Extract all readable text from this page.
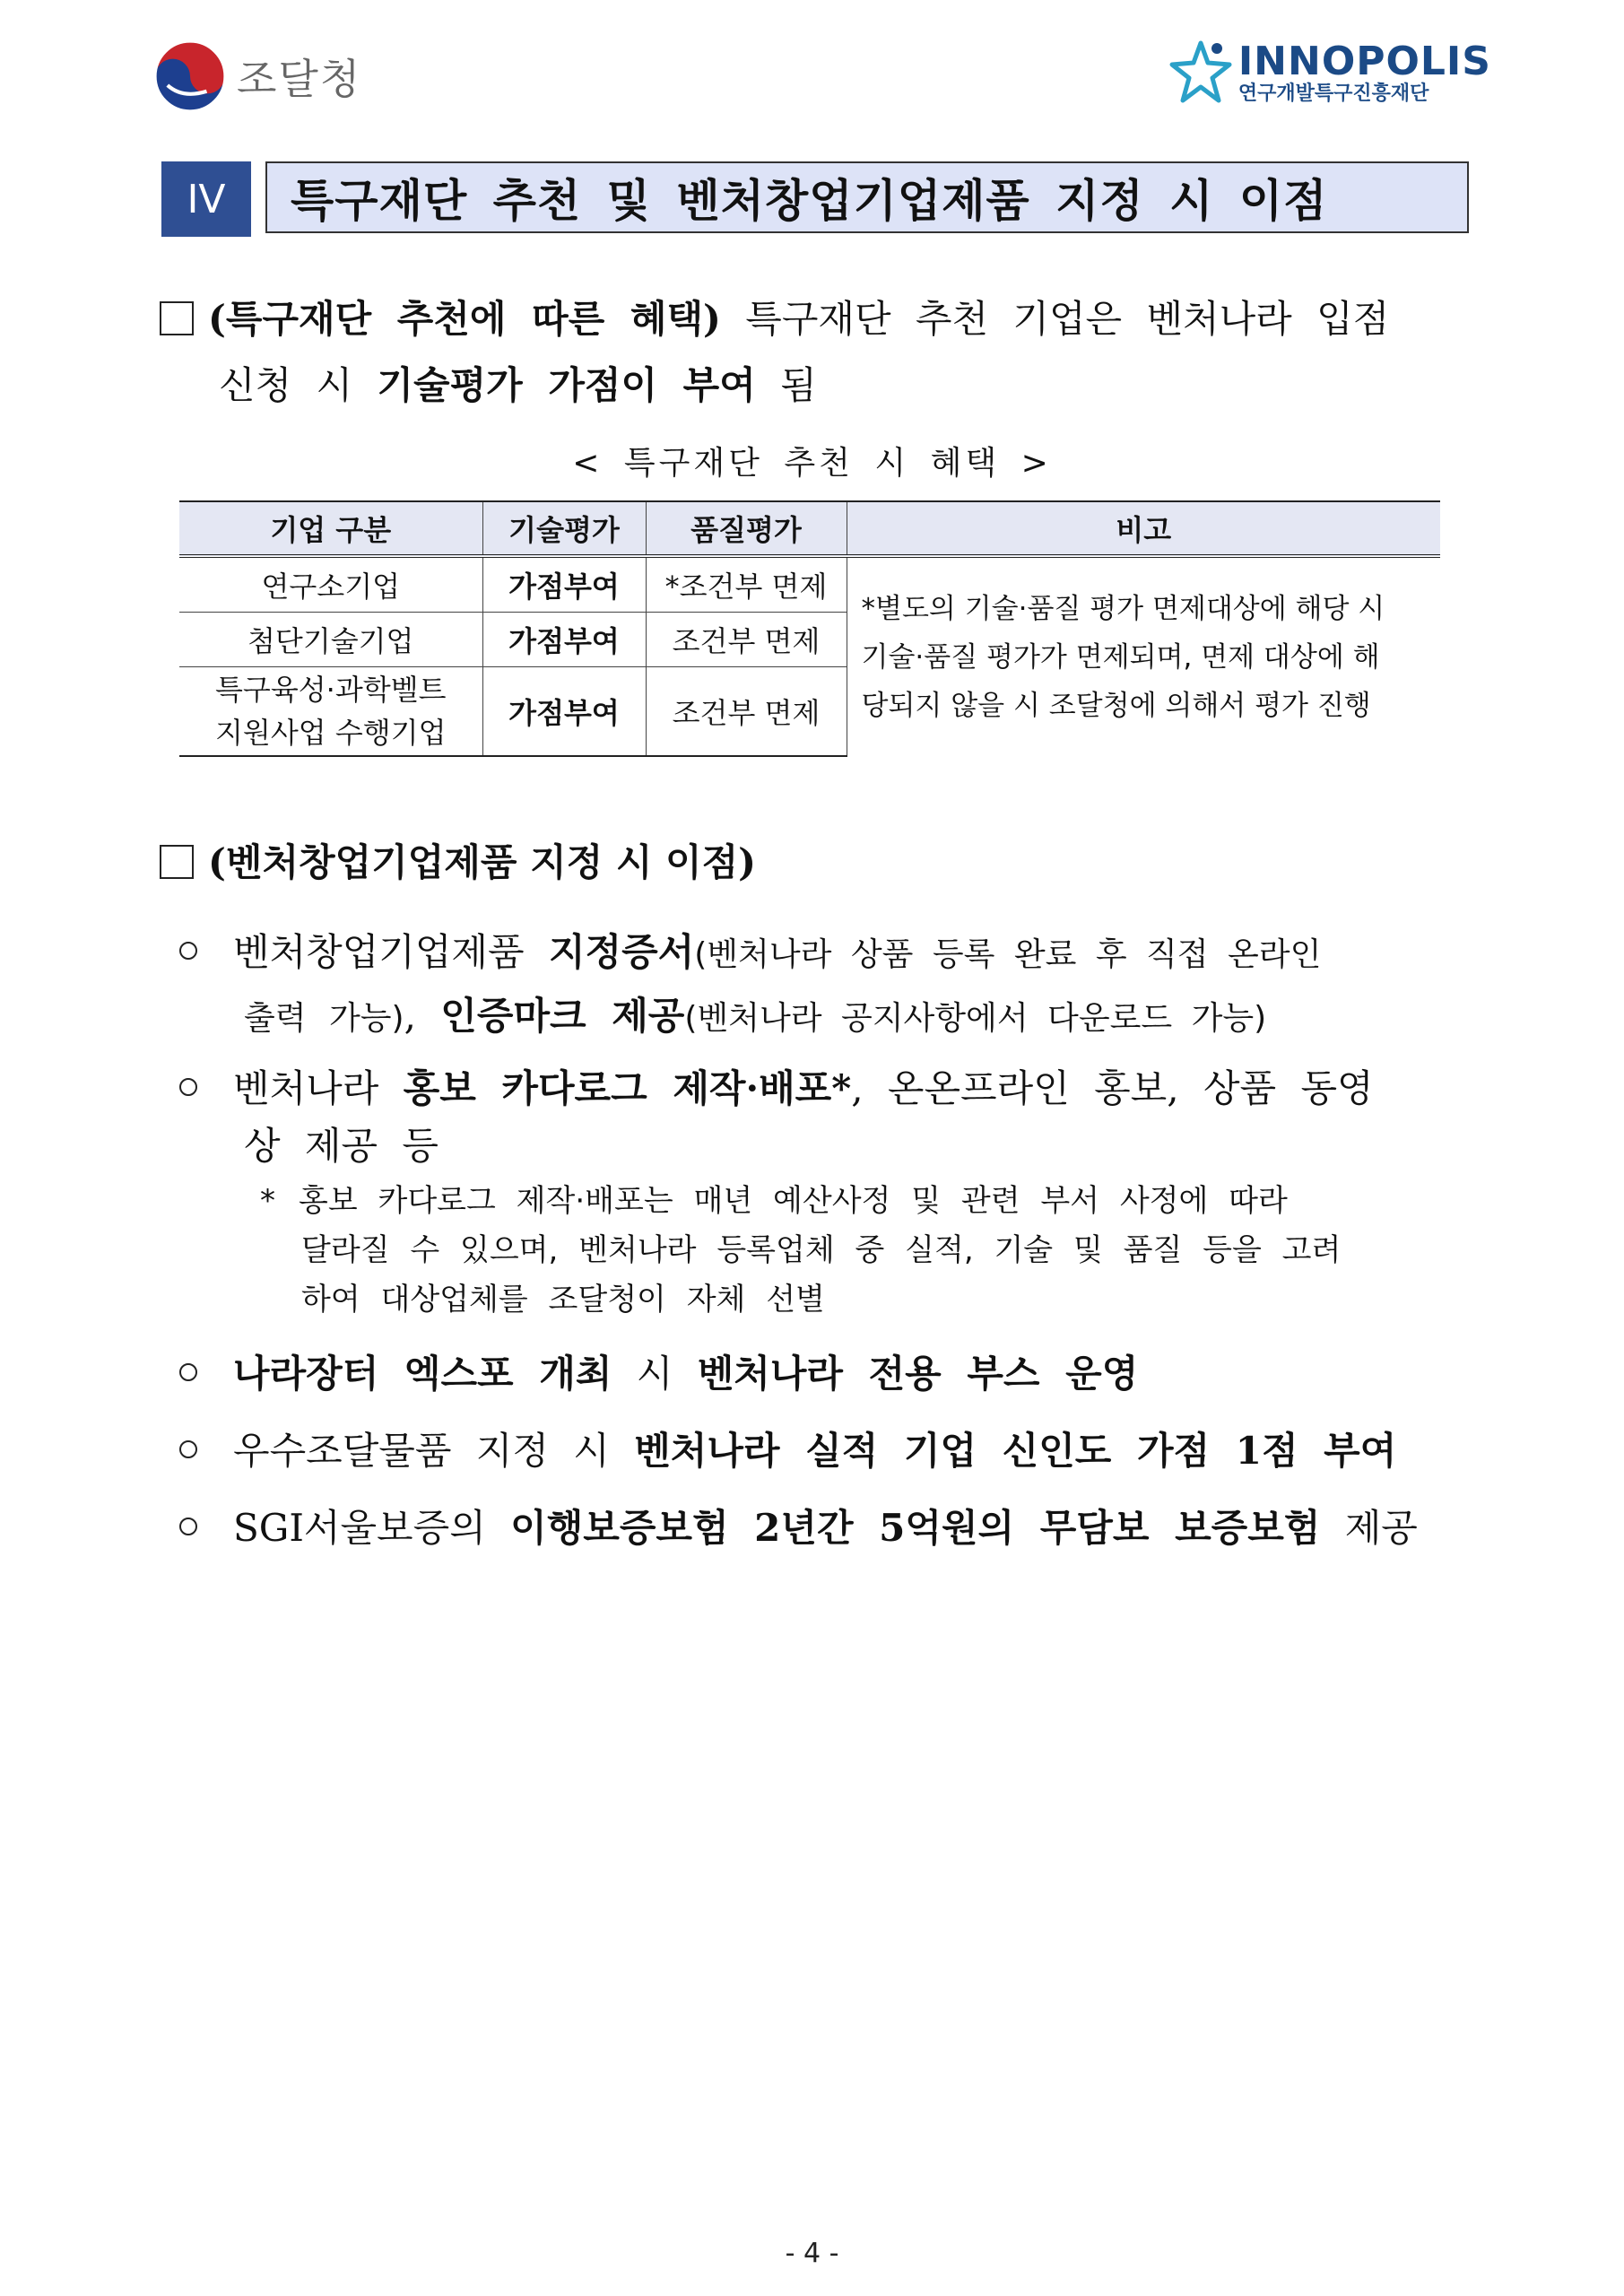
조달청	INNOPOLIS
연구개발특구진흥재단
IV	특구재단 추천 및 벤처창업기업제품 지정 시 이점
(특구재단 추천에 따른 혜택) 특구재단 추천 기업은 벤처나라 입점
신청 시 기술평가 가점이 부여 됨
< 특구재단 추천 시 혜택 >
기업 구분	기술평가	품질평가	비고
연구소기업	가점부여	*조건부 면제	*별도의 기술·품질 평가 면제대상에 해당 시
기술·품질 평가가 면제되며, 면제 대상에 해
당되지 않을 시 조달청에 의해서 평가 진행

첨단기술기업	가점부여	조건부 면제	

특구육성·과학벨트
지원사업 수행기업	가점부여	조건부 면제	
(벤처창업기업제품 지정 시 이점)
벤처창업기업제품 지정증서(벤처나라 상품 등록 완료 후 직접 온라인
출력 가능), 인증마크 제공(벤처나라 공지사항에서 다운로드 가능)
벤처나라 홍보 카다로그 제작·배포*, 온온프라인 홍보, 상품 동영
상 제공 등
* 홍보 카다로그 제작·배포는 매년 예산사정 및 관련 부서 사정에 따라
달라질 수 있으며, 벤처나라 등록업체 중 실적, 기술 및 품질 등을 고려
하여 대상업체를 조달청이 자체 선별
나라장터 엑스포 개최 시 벤처나라 전용 부스 운영
우수조달물품 지정 시 벤처나라 실적 기업 신인도 가점 1점 부여
SGI서울보증의 이행보증보험 2년간 5억원의 무담보 보증보험 제공
- 4 -
